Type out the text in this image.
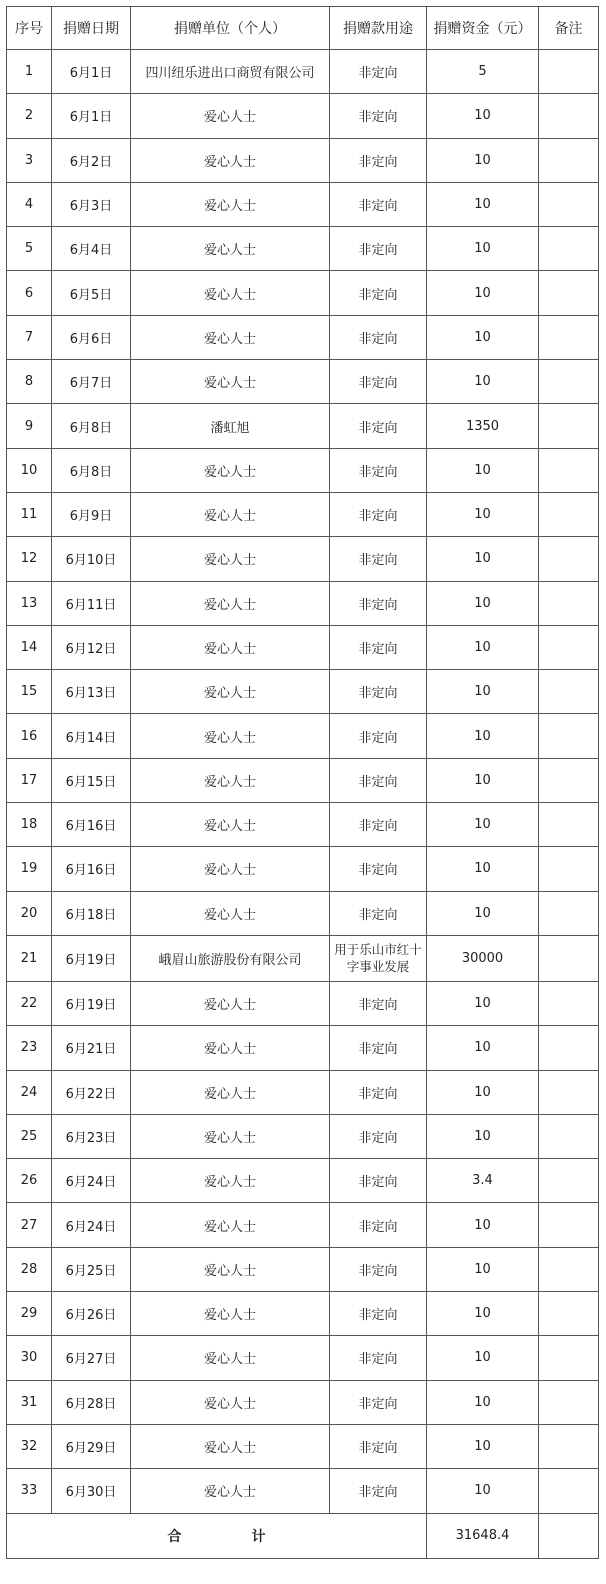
序号	捐赠日期	捐赠单位（个人）	捐赠款用途	捐赠资金（元）	备注
1	6月1日	四川纽乐进出口商贸有限公司	非定向	5	
2	6月1日	爱心人士	非定向	10	
3	6月2日	爱心人士	非定向	10	
4	6月3日	爱心人士	非定向	10	
5	6月4日	爱心人士	非定向	10	
6	6月5日	爱心人士	非定向	10	
7	6月6日	爱心人士	非定向	10	
8	6月7日	爱心人士	非定向	10	
9	6月8日	潘虹旭	非定向	1350	
10	6月8日	爱心人士	非定向	10	
11	6月9日	爱心人士	非定向	10	
12	6月10日	爱心人士	非定向	10	
13	6月11日	爱心人士	非定向	10	
14	6月12日	爱心人士	非定向	10	
15	6月13日	爱心人士	非定向	10	
16	6月14日	爱心人士	非定向	10	
17	6月15日	爱心人士	非定向	10	
18	6月16日	爱心人士	非定向	10	
19	6月16日	爱心人士	非定向	10	
20	6月18日	爱心人士	非定向	10	
21	6月19日	峨眉山旅游股份有限公司	用于乐山市红十字事业发展	30000	
22	6月19日	爱心人士	非定向	10	
23	6月21日	爱心人士	非定向	10	
24	6月22日	爱心人士	非定向	10	
25	6月23日	爱心人士	非定向	10	
26	6月24日	爱心人士	非定向	3.4	
27	6月24日	爱心人士	非定向	10	
28	6月25日	爱心人士	非定向	10	
29	6月26日	爱心人士	非定向	10	
30	6月27日	爱心人士	非定向	10	
31	6月28日	爱心人士	非定向	10	
32	6月29日	爱心人士	非定向	10	
33	6月30日	爱心人士	非定向	10	
合 计				31648.4	
